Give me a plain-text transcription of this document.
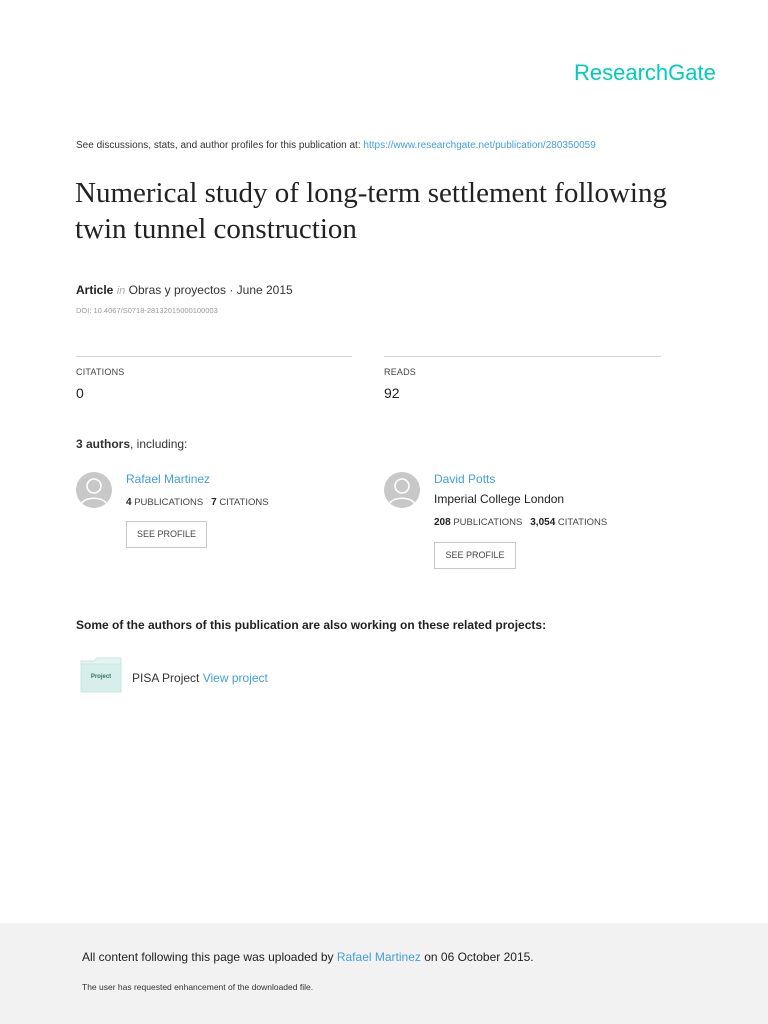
ResearchGate
See discussions, stats, and author profiles for this publication at: https://www.researchgate.net/publication/280350059
Numerical study of long-term settlement following twin tunnel construction
Article in Obras y proyectos · June 2015
DOI: 10.4067/S0718-28132015000100003
CITATIONS
0
READS
92
3 authors, including:
Rafael Martinez
4 PUBLICATIONS 7 CITATIONS
SEE PROFILE
David Potts
Imperial College London
208 PUBLICATIONS 3,054 CITATIONS
SEE PROFILE
Some of the authors of this publication are also working on these related projects:
Project	PISA Project View project
All content following this page was uploaded by Rafael Martinez on 06 October 2015.
The user has requested enhancement of the downloaded file.
